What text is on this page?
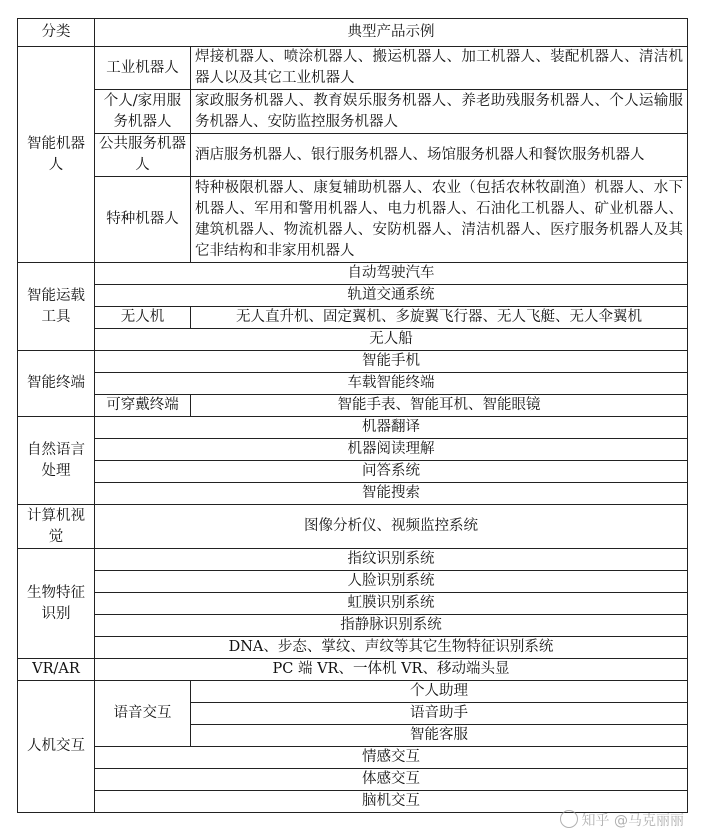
分类	典型产品示例	
智能机器人	工业机器人	焊接机器人、喷涂机器人、搬运机器人、加工机器人、装配机器人、清洁机器人以及其它工业机器人
	个人/家用服务机器人	家政服务机器人、教育娱乐服务机器人、养老助残服务机器人、个人运输服务机器人、安防监控服务机器人
	公共服务机器人	酒店服务机器人、银行服务机器人、场馆服务机器人和餐饮服务机器人
	特种机器人	特种极限机器人、康复辅助机器人、农业（包括农林牧副渔）机器人、水下机器人、军用和警用机器人、电力机器人、石油化工机器人、矿业机器人、建筑机器人、物流机器人、安防机器人、清洁机器人、医疗服务机器人及其它非结构和非家用机器人
智能运载工具	自动驾驶汽车	
	轨道交通系统	
	无人机	无人直升机、固定翼机、多旋翼飞行器、无人飞艇、无人伞翼机
	无人船	
智能终端	智能手机	
	车载智能终端	
	可穿戴终端	智能手表、智能耳机、智能眼镜
自然语言处理	机器翻译	
	机器阅读理解	
	问答系统	
	智能搜索	
计算机视觉	图像分析仪、视频监控系统	
生物特征识别	指纹识别系统	
	人脸识别系统	
	虹膜识别系统	
	指静脉识别系统	
	DNA、步态、掌纹、声纹等其它生物特征识别系统	
VR/AR	PC 端 VR、一体机 VR、移动端头显	
人机交互	语音交互	个人助理
		语音助手
		智能客服
	情感交互	
	体感交互	
	脑机交互	
知乎 @马克丽丽
